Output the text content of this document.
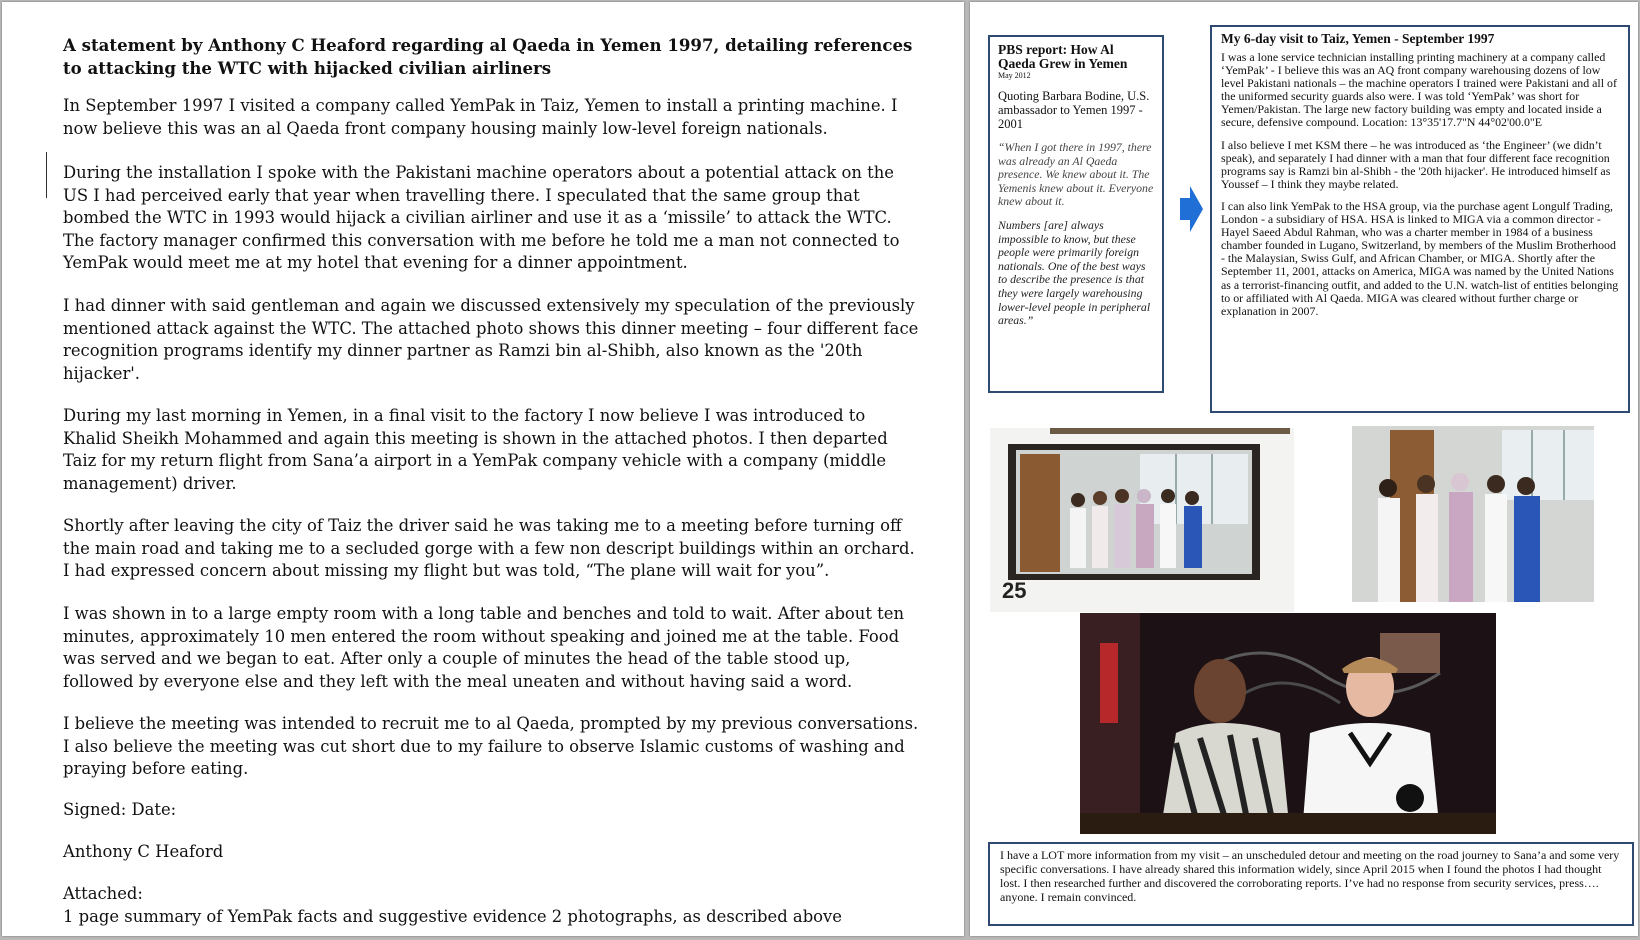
A statement by Anthony C Heaford regarding al Qaeda in Yemen 1997, detailing references to attacking the WTC with hijacked civilian airliners
In September 1997 I visited a company called YemPak in Taiz, Yemen to install a printing machine. I now believe this was an al Qaeda front company housing mainly low-level foreign nationals.
During the installation I spoke with the Pakistani machine operators about a potential attack on the US I had perceived early that year when travelling there. I speculated that the same group that bombed the WTC in 1993 would hijack a civilian airliner and use it as a ‘missile’ to attack the WTC. The factory manager confirmed this conversation with me before he told me a man not connected to YemPak would meet me at my hotel that evening for a dinner appointment.
I had dinner with said gentleman and again we discussed extensively my speculation of the previously mentioned attack against the WTC. The attached photo shows this dinner meeting – four different face recognition programs identify my dinner partner as Ramzi bin al-Shibh, also known as the '20th hijacker'.
During my last morning in Yemen, in a final visit to the factory I now believe I was introduced to Khalid Sheikh Mohammed and again this meeting is shown in the attached photos. I then departed Taiz for my return flight from Sana’a airport in a YemPak company vehicle with a company (middle management) driver.
Shortly after leaving the city of Taiz the driver said he was taking me to a meeting before turning off the main road and taking me to a secluded gorge with a few non descript buildings within an orchard. I had expressed concern about missing my flight but was told, “The plane will wait for you”.
I was shown in to a large empty room with a long table and benches and told to wait. After about ten minutes, approximately 10 men entered the room without speaking and joined me at the table. Food was served and we began to eat. After only a couple of minutes the head of the table stood up, followed by everyone else and they left with the meal uneaten and without having said a word.
I believe the meeting was intended to recruit me to al Qaeda, prompted by my previous conversations. I also believe the meeting was cut short due to my failure to observe Islamic customs of washing and praying before eating.
Signed: Date:
Anthony C Heaford
Attached:
1 page summary of YemPak facts and suggestive evidence 2 photographs, as described above
PBS report: How Al Qaeda Grew in Yemen
May 2012
Quoting Barbara Bodine, U.S. ambassador to Yemen 1997 - 2001
“When I got there in 1997, there was already an Al Qaeda presence. We knew about it. The Yemenis knew about it. Everyone knew about it.
Numbers [are] always impossible to know, but these people were primarily foreign nationals. One of the best ways to describe the presence is that they were largely warehousing lower-level people in peripheral areas.”
My 6-day visit to Taiz, Yemen - September 1997
I was a lone service technician installing printing machinery at a company called ‘YemPak’ - I believe this was an AQ front company warehousing dozens of low level Pakistani nationals – the machine operators I trained were Pakistani and all of the uniformed security guards also were. I was told ‘YemPak’ was short for Yemen/Pakistan. The large new factory building was empty and located inside a secure, defensive compound. Location: 13°35'17.7"N 44°02'00.0"E
I also believe I met KSM there – he was introduced as ‘the Engineer’ (we didn’t speak), and separately I had dinner with a man that four different face recognition programs say is Ramzi bin al-Shibh - the '20th hijacker'. He introduced himself as Youssef – I think they maybe related.
I can also link YemPak to the HSA group, via the purchase agent Longulf Trading, London - a subsidiary of HSA. HSA is linked to MIGA via a common director - Hayel Saeed Abdul Rahman, who was a charter member in 1984 of a business chamber founded in Lugano, Switzerland, by members of the Muslim Brotherhood - the Malaysian, Swiss Gulf, and African Chamber, or MIGA. Shortly after the September 11, 2001, attacks on America, MIGA was named by the United Nations as a terrorist-financing outfit, and added to the U.N. watch-list of entities belonging to or affiliated with Al Qaeda. MIGA was cleared without further charge or explanation in 2007.
25
I have a LOT more information from my visit – an unscheduled detour and meeting on the road journey to Sana’a and some very specific conversations. I have already shared this information widely, since April 2015 when I found the photos I had thought lost. I then researched further and discovered the corroborating reports. I’ve had no response from security services, press…. anyone. I remain convinced.
